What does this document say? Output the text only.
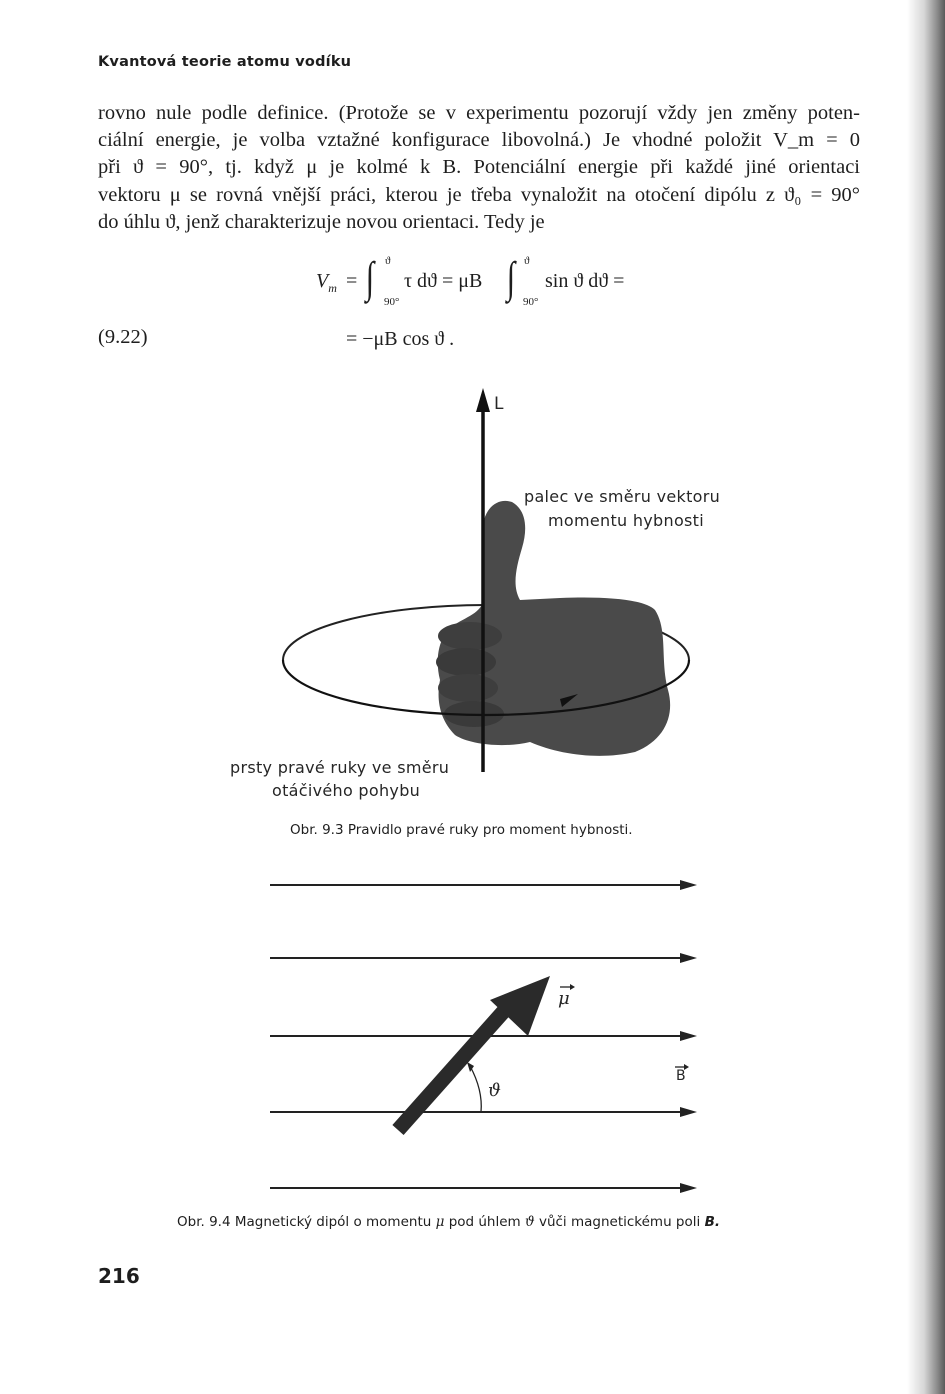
Kvantová teorie atomu vodíku
rovno nule podle definice. (Protože se v experimentu pozorují vždy jen změny poten-
ciální energie, je volba vztažné konfigurace libovolná.) Je vhodné položit V_m = 0
při ϑ = 90°, tj. když μ je kolmé k B. Potenciální energie při každé jiné orientaci
vektoru μ se rovná vnější práci, kterou je třeba vynaložit na otočení dipólu z ϑ₀ = 90°
do úhlu ϑ, jenž charakterizuje novou orientaci. Tedy je
$V_m$ = ∫ ϑ
90°
τ dϑ = μB ∫ ϑ
90°
sin ϑ dϑ =
= −μB cos ϑ .
(9.22)
L
palec ve směru vektoru
momentu hybnosti
prsty pravé ruky ve směru
otáčivého pohybu
Obr. 9.3 Pravidlo pravé ruky pro moment hybnosti.
μ
B
ϑ
Obr. 9.4 Magnetický dipól o momentu μ pod úhlem ϑ vůči magnetickému poli B.
216
